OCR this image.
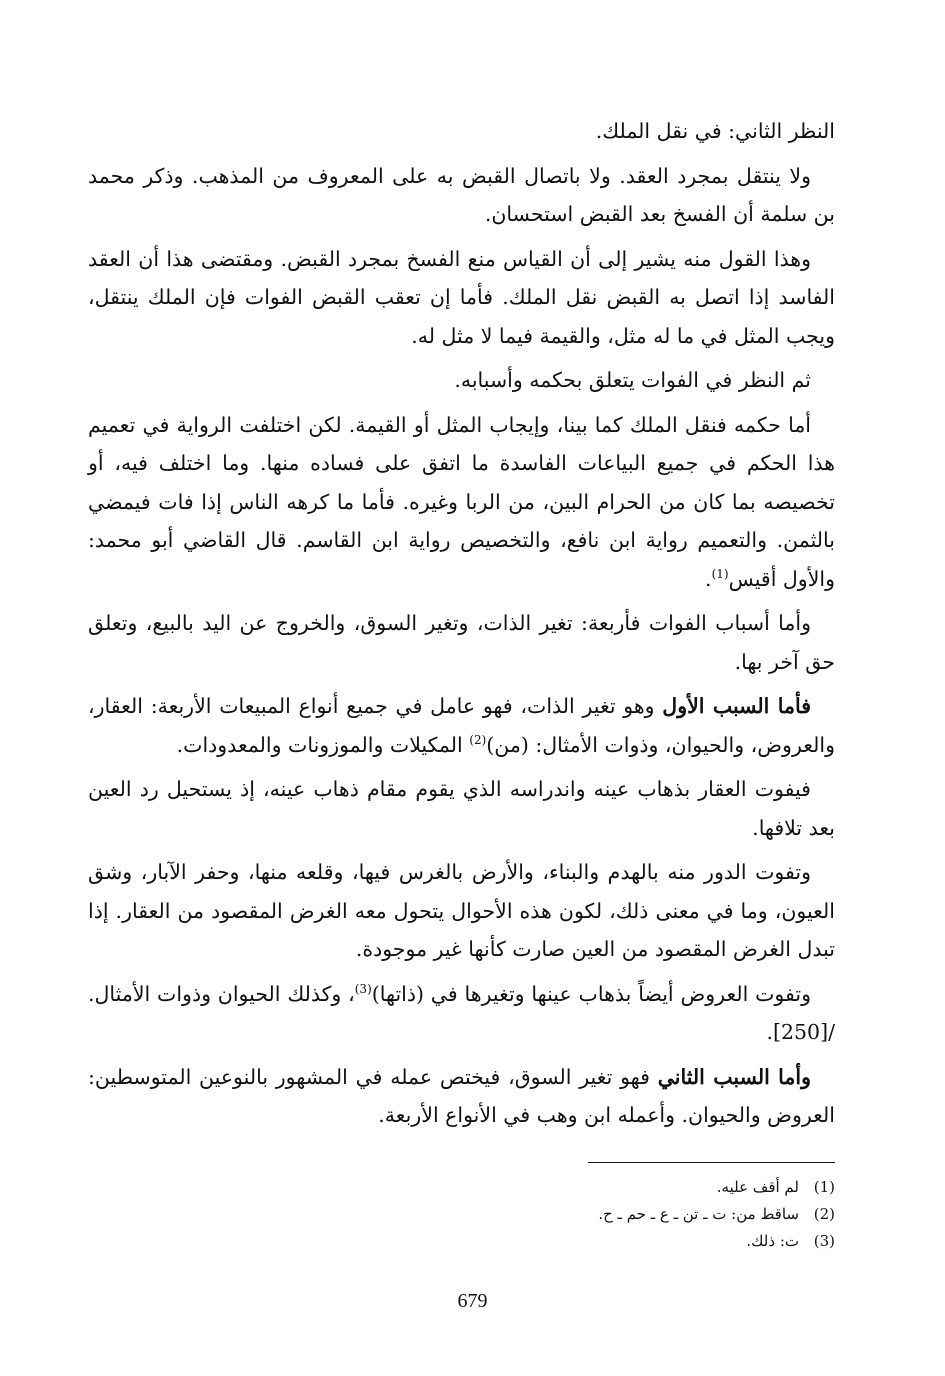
النظر الثاني: في نقل الملك.

ولا ينتقل بمجرد العقد. ولا باتصال القبض به على المعروف من المذهب. وذكر محمد بن سلمة أن الفسخ بعد القبض استحسان.

وهذا القول منه يشير إلى أن القياس منع الفسخ بمجرد القبض. ومقتضى هذا أن العقد الفاسد إذا اتصل به القبض نقل الملك. فأما إن تعقب القبض الفوات فإن الملك ينتقل، ويجب المثل في ما له مثل، والقيمة فيما لا مثل له.

ثم النظر في الفوات يتعلق بحكمه وأسبابه.

أما حكمه فنقل الملك كما بينا، وإيجاب المثل أو القيمة. لكن اختلفت الرواية في تعميم هذا الحكم في جميع البياعات الفاسدة ما اتفق على فساده منها. وما اختلف فيه، أو تخصيصه بما كان من الحرام البين، من الربا وغيره. فأما ما كرهه الناس إذا فات فيمضي بالثمن. والتعميم رواية ابن نافع، والتخصيص رواية ابن القاسم. قال القاضي أبو محمد: والأول أقيس$^{(1)}$.

وأما أسباب الفوات فأربعة: تغير الذات، وتغير السوق، والخروج عن اليد بالبيع، وتعلق حق آخر بها.

فأما السبب الأول وهو تغير الذات، فهو عامل في جميع أنواع المبيعات الأربعة: العقار، والعروض، والحيوان، وذوات الأمثال: (من)$^{(2)}$ المكيلات والموزونات والمعدودات.

فيفوت العقار بذهاب عينه واندراسه الذي يقوم مقام ذهاب عينه، إذ يستحيل رد العين بعد تلافها.

وتفوت الدور منه بالهدم والبناء، والأرض بالغرس فيها، وقلعه منها، وحفر الآبار، وشق العيون، وما في معنى ذلك، لكون هذه الأحوال يتحول معه الغرض المقصود من العقار. إذا تبدل الغرض المقصود من العين صارت كأنها غير موجودة.

وتفوت العروض أيضاً بذهاب عينها وتغيرها في (ذاتها)$^{(3)}$، وكذلك الحيوان وذوات الأمثال. /[250].

وأما السبب الثاني فهو تغير السوق، فيختص عمله في المشهور بالنوعين المتوسطين: العروض والحيوان. وأعمله ابن وهب في الأنواع الأربعة.

(1)
لم أقف عليه.
(2)
ساقط من: ت ـ تن ـ ع ـ حم ـ ح.
(3)
ت: ذلك.
679
